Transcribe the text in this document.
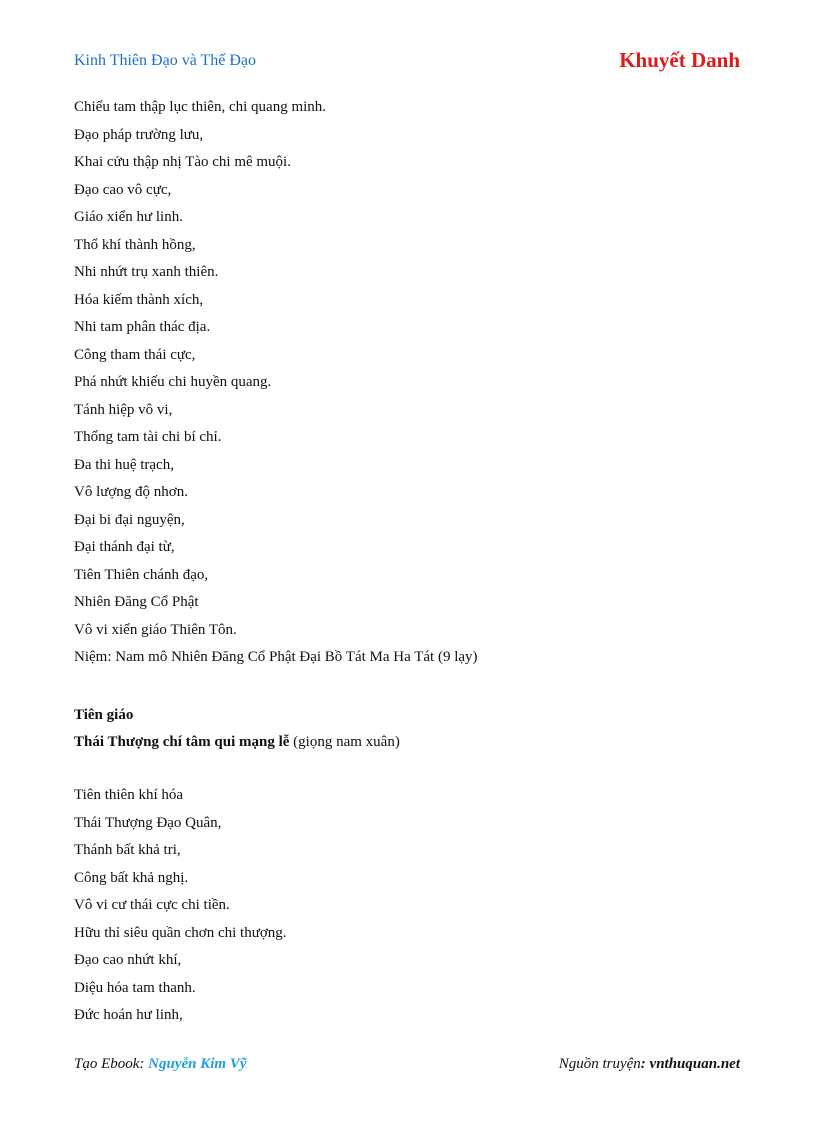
Kinh Thiên Đạo và Thế Đạo	Khuyết Danh
Chiếu tam thập lục thiên, chi quang minh.
Đạo pháp trường lưu,
Khai cửu thập nhị Tào chi mê muội.
Đạo cao vô cực,
Giáo xiển hư linh.
Thổ khí thành hồng,
Nhi nhứt trụ xanh thiên.
Hóa kiếm thành xích,
Nhi tam phân thác địa.
Công tham thái cực,
Phá nhứt khiếu chi huyền quang.
Tánh hiệp vô vi,
Thống tam tài chi bí chỉ.
Đa thi huệ trạch,
Vô lượng độ nhơn.
Đại bi đại nguyện,
Đại thánh đại từ,
Tiên Thiên chánh đạo,
Nhiên Đăng Cổ Phật
Vô vi xiển giáo Thiên Tôn.
Niệm: Nam mô Nhiên Đăng Cổ Phật Đại Bồ Tát Ma Ha Tát (9 lạy)
Tiên giáo
Thái Thượng chí tâm qui mạng lễ (giọng nam xuân)
Tiên thiên khí hóa
Thái Thượng Đạo Quân,
Thánh bất khả tri,
Công bất khả nghị.
Vô vi cư thái cực chi tiền.
Hữu thỉ siêu quần chơn chi thượng.
Đạo cao nhứt khí,
Diệu hóa tam thanh.
Đức hoán hư linh,
Tạo Ebook: Nguyễn Kim Vỹ	Nguồn truyện: vnthuquan.net
